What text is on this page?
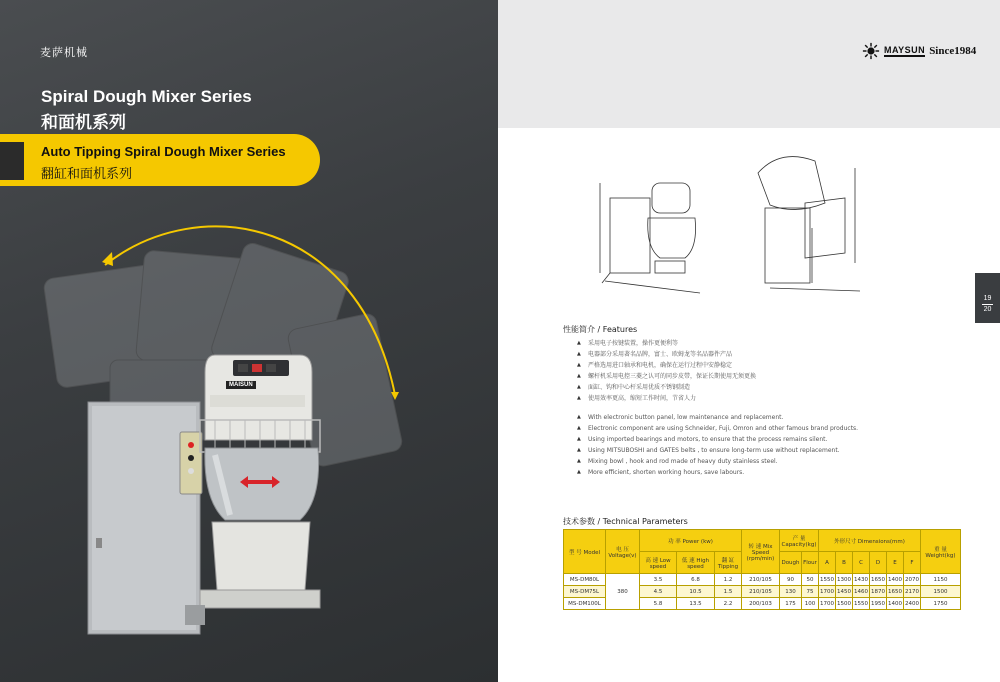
麦萨机械
Spiral Dough Mixer Series
和面机系列
Auto Tipping Spiral Dough Mixer Series
翻缸和面机系列
MAISUN
MAYSUN Since1984
19
20
性能简介 / Features
▲ 采用电子按键装置，操作更便利等
▲ 电器部分采用著名品牌，富士、欧姆龙等名品器件产品
▲ 严格选用进口轴承和电机，确保在运行过程中安静稳定
▲ 螺杆机采用电控三菱之认可的同步皮带，保证长期使用无须更换
▲ 面缸、钩和中心杆采用优质不锈钢制造
▲ 使用效率更高，缩短工作时间，节省人力
▲ With electronic button panel, low maintenance and replacement.
▲ Electronic component are using Schneider, Fuji, Omron and other famous brand products.
▲ Using imported bearings and motors, to ensure that the process remains silent.
▲ Using MITSUBOSHI and GATES belts , to ensure long-term use without replacement.
▲ Mixing bowl , hook and rod made of heavy duty stainless steel.
▲ More efficient, shorten working hours, save labours.
技术参数 / Technical Parameters
型 号 Model	电 压 Voltage(v)	功 率 Power (kw)			转 速 Mix Speed (rpm/min)	产 量 Capacity(kg)		外形尺寸 Dimensions(mm)						重 量 Weight(kg)
		高 速 Low speed	低 速 High speed	翻 缸 Tipping		Dough	Flour	A	B	C	D	E	F	
MS-DM80L	380	3.5	6.8	1.2	210/105	90	50	1550	1300	1430	1650	1400	2070	1150
MS-DM75L		4.5	10.5	1.5	210/105	130	75	1700	1450	1460	1870	1650	2170	1500
MS-DM100L		5.8	13.5	2.2	200/103	175	100	1700	1500	1550	1950	1400	2400	1750
